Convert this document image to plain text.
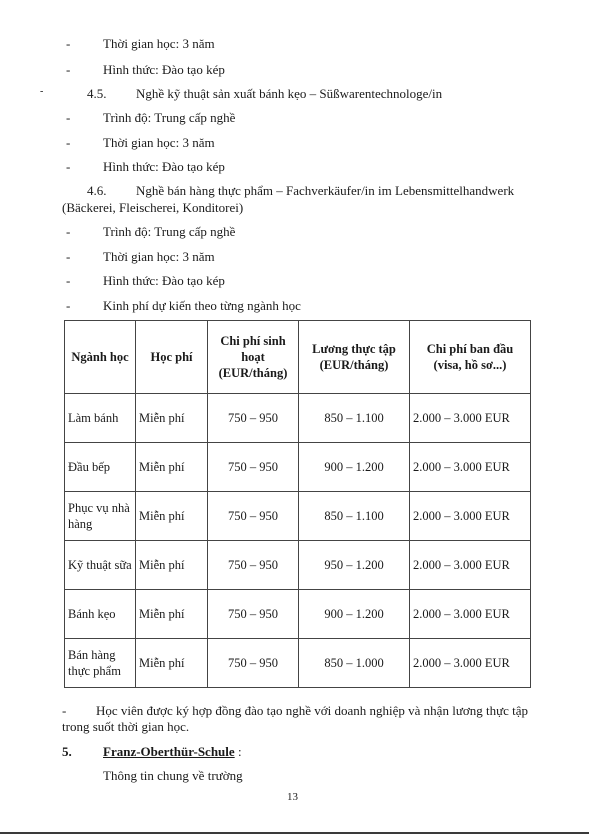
-	Thời gian học: 3 năm
-	Hình thức: Đào tạo kép
-	4.5. Nghề kỹ thuật sản xuất bánh kẹo – Süßwarentechnologe/in
-	Trình độ: Trung cấp nghề
-	Thời gian học: 3 năm
-	Hình thức: Đào tạo kép
4.6. Nghề bán hàng thực phẩm – Fachverkäufer/in im Lebensmittelhandwerk
(Bäckerei, Fleischerei, Konditorei)
-	Trình độ: Trung cấp nghề
-	Thời gian học: 3 năm
-	Hình thức: Đào tạo kép
-	Kinh phí dự kiến theo từng ngành học
Ngành học	Học phí	Chi phí sinh hoạt (EUR/tháng)	Lương thực tập (EUR/tháng)	Chi phí ban đầu (visa, hồ sơ...)
Làm bánh	Miễn phí	750 – 950	850 – 1.100	2.000 – 3.000 EUR
Đầu bếp	Miễn phí	750 – 950	900 – 1.200	2.000 – 3.000 EUR
Phục vụ nhà hàng	Miễn phí	750 – 950	850 – 1.100	2.000 – 3.000 EUR
Kỹ thuật sữa	Miễn phí	750 – 950	950 – 1.200	2.000 – 3.000 EUR
Bánh kẹo	Miễn phí	750 – 950	900 – 1.200	2.000 – 3.000 EUR
Bán hàng thực phẩm	Miễn phí	750 – 950	850 – 1.000	2.000 – 3.000 EUR
- Học viên được ký hợp đồng đào tạo nghề với doanh nghiệp và nhận lương thực tập
trong suốt thời gian học.
5. Franz-Oberthür-Schule :
Thông tin chung về trường
13
